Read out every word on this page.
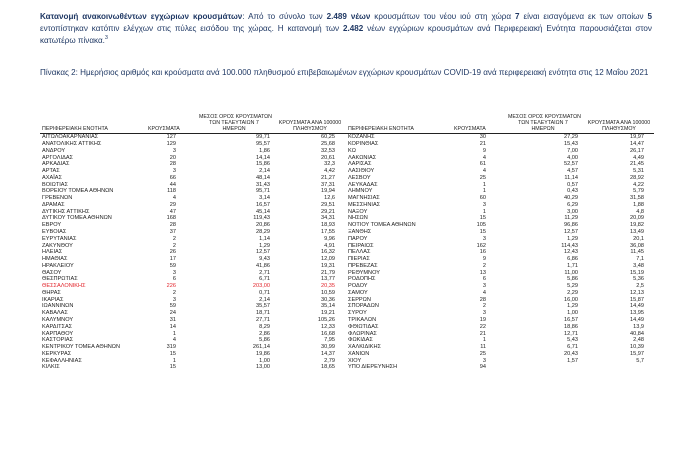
Κατανομή ανακοινωθέντων εγχώριων κρουσμάτων: Από το σύνολο των 2.489 νέων κρουσμάτων του νέου ιού στη χώρα 7 είναι εισαγόμενα εκ των οποίων 5 εντοπίστηκαν κατόπιν ελέγχων στις πύλες εισόδου της χώρας. Η κατανομή των 2.482 νέων εγχώριων κρουσμάτων ανά Περιφερειακή Ενότητα παρουσιάζεται στον κατωτέρω πίνακα.$^3$
Πίνακας 2: Ημερήσιος αριθμός και κρούσματα ανά 100.000 πληθυσμού επιβεβαιωμένων εγχώριων κρουσμάτων COVID-19 ανά περιφερειακή ενότητα στις 12 Μαΐου 2021
ΠΕΡΙΦΕΡΕΙΑΚΗ ΕΝΟΤΗΤΑ	ΚΡΟΥΣΜΑΤΑ
ΜΕΣΟΣ ΟΡΟΣ ΚΡΟΥΣΜΑΤΩΝ
ΤΩΝ ΤΕΛΕΥΤΑΙΩΝ 7
ΗΜΕΡΩΝ
ΚΡΟΥΣΜΑΤΑ ΑΝΑ 100000
ΠΛΗΘΥΣΜΟΥ	ΠΕΡΙΦΕΡΕΙΑΚΗ ΕΝΟΤΗΤΑ	ΚΡΟΥΣΜΑΤΑ
ΜΕΣΟΣ ΟΡΟΣ ΚΡΟΥΣΜΑΤΩΝ
ΤΩΝ ΤΕΛΕΥΤΑΙΩΝ 7
ΗΜΕΡΩΝ
ΚΡΟΥΣΜΑΤΑ ΑΝΑ 100000
ΠΛΗΘΥΣΜΟΥ
ΑΙΤΩΛΟΑΚΑΡΝΑΝΙΑΣ	127	99,71	60,25
ΑΝΑΤΟΛΙΚΗΣ ΑΤΤΙΚΗΣ	129	95,57	25,68
ΑΝΔΡΟΥ	3	1,86	32,53
ΑΡΓΟΛΙΔΑΣ	20	14,14	20,61
ΑΡΚΑΔΙΑΣ	28	15,86	32,3
ΑΡΤΑΣ	3	2,14	4,42
ΑΧΑΪΑΣ	66	48,14	21,27
ΒΟΙΩΤΙΑΣ	44	31,43	37,31
ΒΟΡΕΙΟΥ ΤΟΜΕΑ ΑΘΗΝΩΝ	118	95,71	19,94
ΓΡΕΒΕΝΩΝ	4	3,14	12,6
ΔΡΑΜΑΣ	29	16,57	29,51
ΔΥΤΙΚΗΣ ΑΤΤΙΚΗΣ	47	45,14	29,21
ΔΥΤΙΚΟΥ ΤΟΜΕΑ ΑΘΗΝΩΝ	168	119,43	34,31
ΕΒΡΟΥ	28	20,86	18,93
ΕΥΒΟΙΑΣ	37	28,29	17,55
ΕΥΡΥΤΑΝΙΑΣ	2	1,14	9,96
ΖΑΚΥΝΘΟΥ	2	1,29	4,91
ΗΛΕΙΑΣ	26	12,57	16,32
ΗΜΑΘΙΑΣ	17	9,43	12,09
ΗΡΑΚΛΕΙΟΥ	59	41,86	19,31
ΘΑΣΟΥ	3	2,71	21,79
ΘΕΣΠΡΩΤΙΑΣ	6	6,71	13,77
ΘΕΣΣΑΛΟΝΙΚΗΣ	226	203,00	20,35
ΘΗΡΑΣ	2	0,71	10,59
ΙΚΑΡΙΑΣ	3	2,14	30,36
ΙΩΑΝΝΙΝΩΝ	59	35,57	35,14
ΚΑΒΑΛΑΣ	24	18,71	19,21
ΚΑΛΥΜΝΟΥ	31	27,71	105,26
ΚΑΡΔΙΤΣΑΣ	14	8,29	12,33
ΚΑΡΠΑΘΟΥ	1	2,86	16,68
ΚΑΣΤΟΡΙΑΣ	4	5,86	7,95
ΚΕΝΤΡΙΚΟΥ ΤΟΜΕΑ ΑΘΗΝΩΝ	319	261,14	30,99
ΚΕΡΚΥΡΑΣ	15	19,86	14,37
ΚΕΦΑΛΛΗΝΙΑΣ	1	1,00	2,79
ΚΙΛΚΙΣ	15	13,00	18,65
ΚΟΖΑΝΗΣ	30	27,29	19,97
ΚΟΡΙΝΘΙΑΣ	21	15,43	14,47
ΚΩ	9	7,00	26,17
ΛΑΚΩΝΙΑΣ	4	4,00	4,49
ΛΑΡΙΣΑΣ	61	52,57	21,45
ΛΑΣΙΘΙΟΥ	4	4,57	5,31
ΛΕΣΒΟΥ	25	11,14	28,92
ΛΕΥΚΑΔΑΣ	1	0,57	4,22
ΛΗΜΝΟΥ	1	0,43	5,79
ΜΑΓΝΗΣΙΑΣ	60	40,29	31,58
ΜΕΣΣΗΝΙΑΣ	3	6,29	1,88
ΝΑΞΟΥ	1	3,00	4,8
ΝΗΣΩΝ	15	11,29	20,09
ΝΟΤΙΟΥ ΤΟΜΕΑ ΑΘΗΝΩΝ	105	96,86	19,82
ΞΑΝΘΗΣ	15	12,57	13,49
ΠΑΡΟΥ	3	1,29	20,1
ΠΕΙΡΑΙΩΣ	162	114,43	36,08
ΠΕΛΛΑΣ	16	12,43	11,45
ΠΙΕΡΙΑΣ	9	6,86	7,1
ΠΡΕΒΕΖΑΣ	2	1,71	3,48
ΡΕΘΥΜΝΟΥ	13	11,00	15,19
ΡΟΔΟΠΗΣ	6	5,86	5,36
ΡΟΔΟΥ	3	5,29	2,5
ΣΑΜΟΥ	4	2,29	12,13
ΣΕΡΡΩΝ	28	16,00	15,87
ΣΠΟΡΑΔΩΝ	2	1,29	14,49
ΣΥΡΟΥ	3	1,00	13,95
ΤΡΙΚΑΛΩΝ	19	16,57	14,49
ΦΘΙΩΤΙΔΑΣ	22	18,86	13,9
ΦΛΩΡΙΝΑΣ	21	12,71	40,84
ΦΩΚΙΔΑΣ	1	5,43	2,48
ΧΑΛΚΙΔΙΚΗΣ	11	6,71	10,39
ΧΑΝΙΩΝ	25	20,43	15,97
ΧΙΟΥ	3	1,57	5,7
ΥΠΟ ΔΙΕΡΕΥΝΗΣΗ	94
